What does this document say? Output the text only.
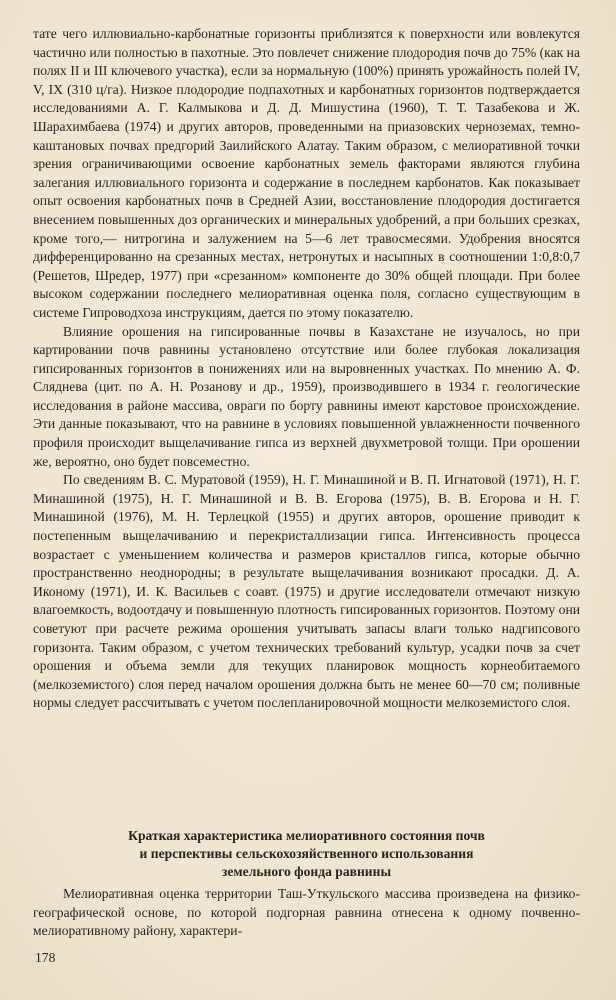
тате чего иллювиально-карбонатные горизонты приблизятся к поверхности или вовлекутся частично или полностью в пахотные. Это повлечет снижение плодородия почв до 75% (как на полях II и III ключевого участка), если за нормальную (100%) принять урожайность полей IV, V, IX (310 ц/га). Низкое плодородие подпахотных и карбонатных горизонтов подтверждается исследованиями А. Г. Калмыкова и Д. Д. Мишустина (1960), Т. Т. Тазабекова и Ж. Шарахимбаева (1974) и других авторов, проведенными на приазовских черноземах, темно-каштановых почвах предгорий Заилийского Алатау. Таким образом, с мелиоративной точки зрения ограничивающими освоение карбонатных земель факторами являются глубина залегания иллювиального горизонта и содержание в последнем карбонатов. Как показывает опыт освоения карбонатных почв в Средней Азии, восстановление плодородия достигается внесением повышенных доз органических и минеральных удобрений, а при больших срезках, кроме того,— нитрогина и залужением на 5—6 лет травосмесями. Удобрения вносятся дифференцированно на срезанных местах, нетронутых и насыпных в соотношении 1:0,8:0,7 (Решетов, Шредер, 1977) при «срезанном» компоненте до 30% общей площади. При более высоком содержании последнего мелиоративная оценка поля, согласно существующим в системе Гипроводхоза инструкциям, дается по этому показателю.

Влияние орошения на гипсированные почвы в Казахстане не изучалось, но при картировании почв равнины установлено отсутствие или более глубокая локализация гипсированных горизонтов в понижениях или на выровненных участках. По мнению А. Ф. Сляднева (цит. по А. Н. Розанову и др., 1959), производившего в 1934 г. геологические исследования в районе массива, овраги по борту равнины имеют карстовое происхождение. Эти данные показывают, что на равнине в условиях повышенной увлажненности почвенного профиля происходит выщелачивание гипса из верхней двухметровой толщи. При орошении же, вероятно, оно будет повсеместно.

По сведениям В. С. Муратовой (1959), Н. Г. Минашиной и В. П. Игнатовой (1971), Н. Г. Минашиной (1975), Н. Г. Минашиной и В. В. Егорова (1975), В. В. Егорова и Н. Г. Минашиной (1976), М. Н. Терлецкой (1955) и других авторов, орошение приводит к постепенным выщелачиванию и перекристаллизации гипса. Интенсивность процесса возрастает с уменьшением количества и размеров кристаллов гипса, которые обычно пространственно неоднородны; в результате выщелачивания возникают просадки. Д. А. Иконому (1971), И. К. Васильев с соавт. (1975) и другие исследователи отмечают низкую влагоемкость, водоотдачу и повышенную плотность гипсированных горизонтов. Поэтому они советуют при расчете режима орошения учитывать запасы влаги только надгипсового горизонта. Таким образом, с учетом технических требований культур, усадки почв за счет орошения и объема земли для текущих планировок мощность корнеобитаемого (мелкоземистого) слоя перед началом орошения должна быть не менее 60—70 см; поливные нормы следует рассчитывать с учетом послепланировочной мощности мелкоземистого слоя.

Краткая характеристика мелиоративного состояния почв
и перспективы сельскохозяйственного использования
земельного фонда равнины

Мелиоративная оценка территории Таш-Уткульского массива произведена на физико-географической основе, по которой подгорная равнина отнесена к одному почвенно-мелиоративному району, характери-

178
